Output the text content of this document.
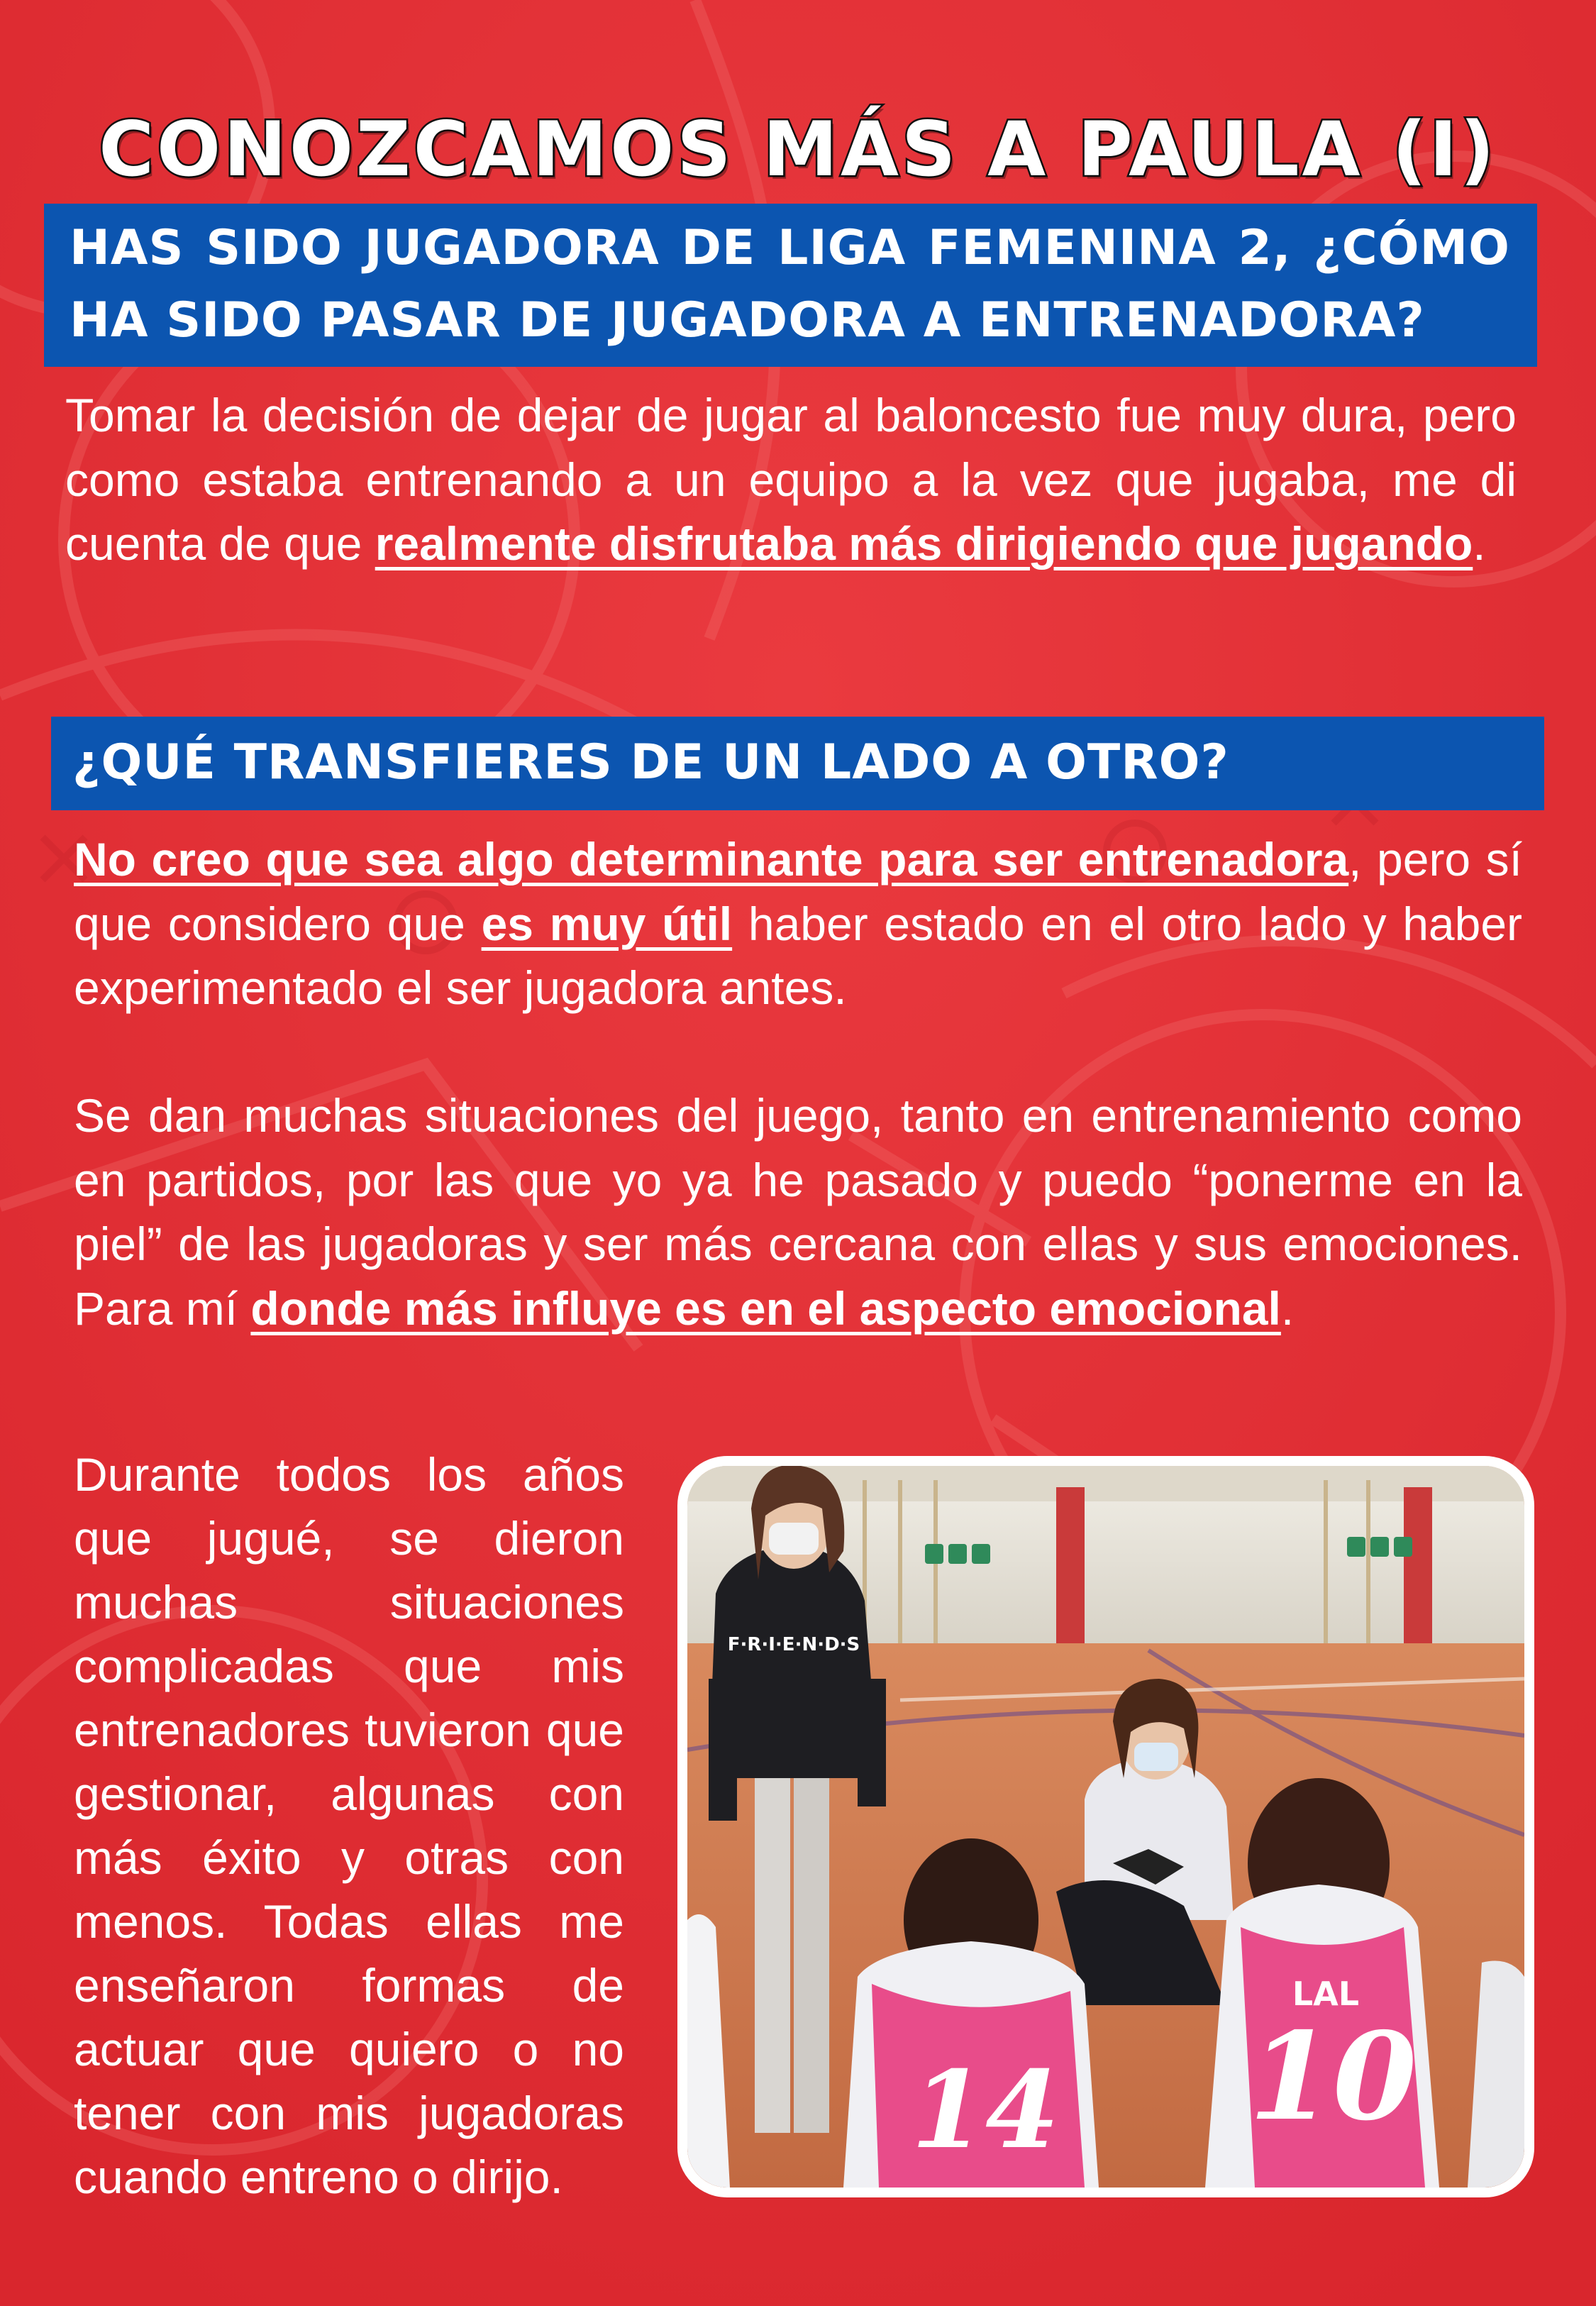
CONOZCAMOS MÁS A PAULA (I)
HAS SIDO JUGADORA DE LIGA FEMENINA 2, ¿CÓMO HA SIDO PASAR DE JUGADORA A ENTRENADORA?

Tomar la decisión de dejar de jugar al baloncesto fue muy dura, pero como estaba entrenando a un equipo a la vez que jugaba, me di cuenta de que realmente disfrutaba más dirigiendo que jugando.

¿QUÉ TRANSFIERES DE UN LADO A OTRO?

No creo que sea algo determinante para ser entrenadora, pero sí que considero que es muy útil haber estado en el otro lado y haber experimentado el ser jugadora antes.

Se dan muchas situaciones del juego, tanto en entrenamiento como en partidos, por las que yo ya he pasado y puedo “ponerme en la piel” de las jugadoras y ser más cercana con ellas y sus emociones. Para mí donde más influye es en el aspecto emocional.

Durante todos los años que jugué, se dieron muchas situaciones complicadas que mis entrenadores tuvieron que gestionar, algunas con más éxito y otras con menos. Todas ellas me enseñaron formas de actuar que quiero o no tener con mis jugadoras cuando entreno o dirijo.

F·R·I·E·N·D·S
LAL
10
14
